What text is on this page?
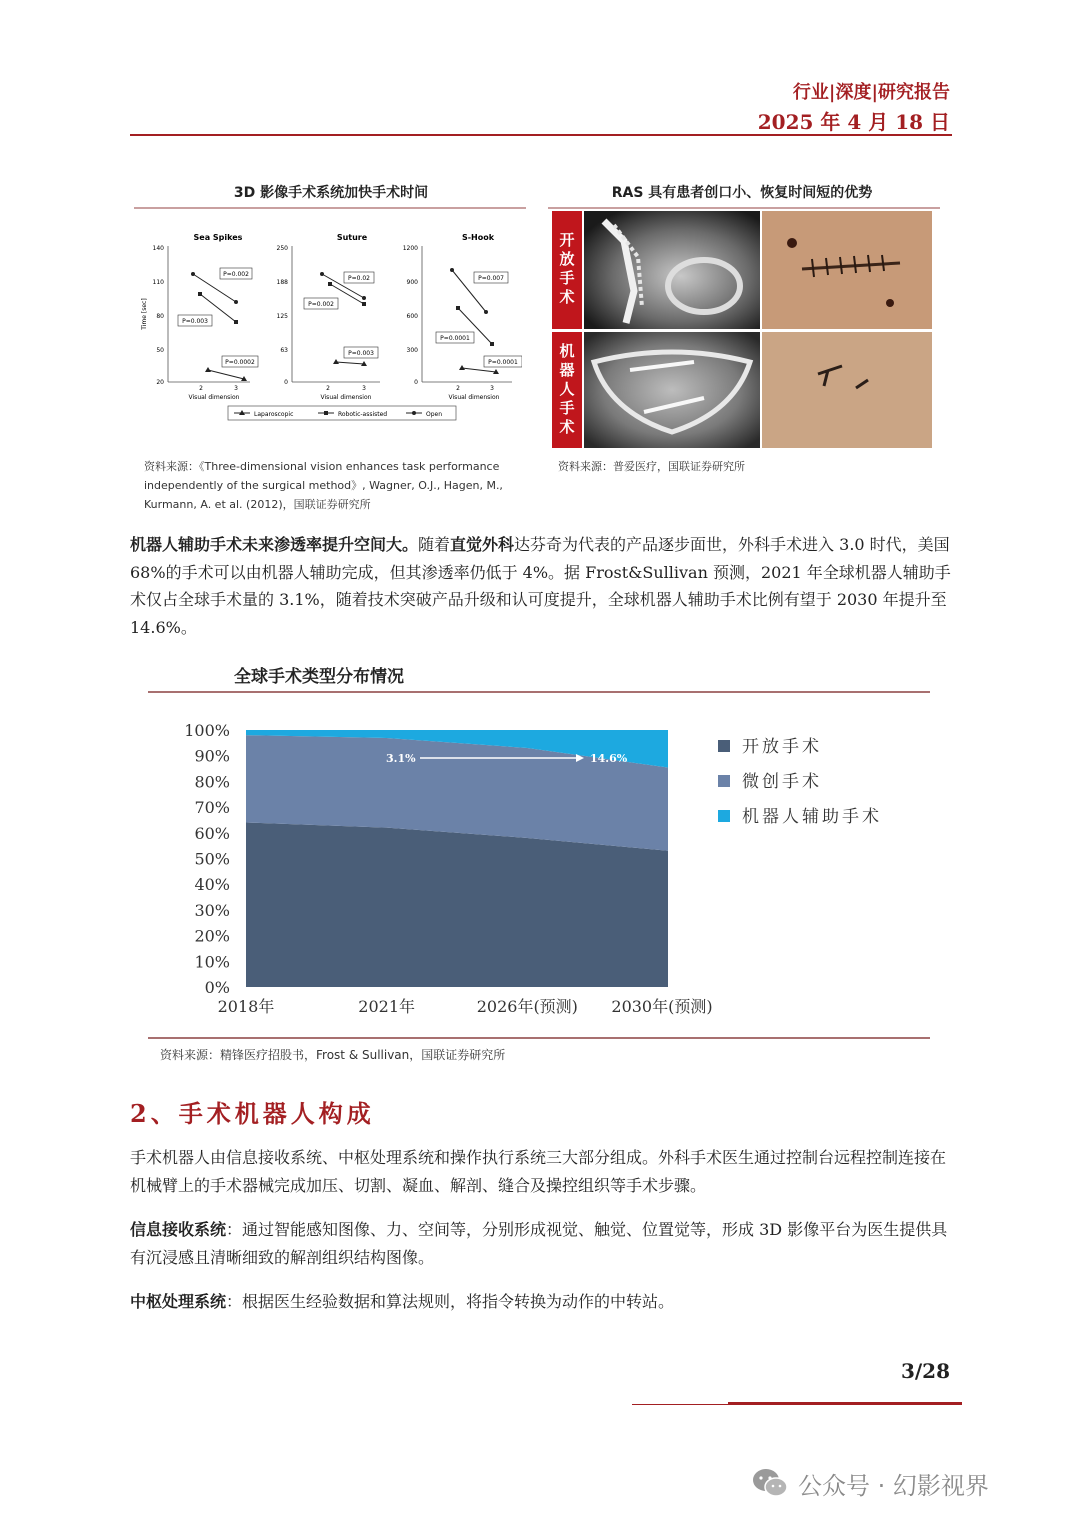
行业|深度|研究报告
2025 年 4 月 18 日
3D 影像手术系统加快手术时间
Sea Spikes
140
110
80
50
20
Time [sec]
P=0.002
P=0.003
P=0.0002
2	3
Visual dimension
Suture
250
188
125
63
0
P=0.02
P=0.002
P=0.003
2	3
Visual dimension
S-Hook
1200
900
600
300
0
P=0.007
P=0.0001
P=0.0001
2	3
Visual dimension
Laparoscopic	Robotic-assisted	Open
资料来源：《Three-dimensional vision enhances task performance
independently of the surgical method》, Wagner, O.J., Hagen, M.,
Kurmann, A. et al. (2012)，国联证券研究所
RAS 具有患者创口小、恢复时间短的优势
开放手术
机器人手术
资料来源：普爱医疗，国联证券研究所
机器人辅助手术未来渗透率提升空间大。随着直觉外科达芬奇为代表的产品逐步面世，外科手术进入 3.0 时代，美国 68%的手术可以由机器人辅助完成，但其渗透率仍低于 4%。据 Frost&Sullivan 预测，2021 年全球机器人辅助手术仅占全球手术量的 3.1%，随着技术突破产品升级和认可度提升，全球机器人辅助手术比例有望于 2030 年提升至 14.6%。
全球手术类型分布情况
100%
90%
80%
70%
60%
50%
40%
30%
20%
10%
0%
2018年	2021年	2026年(预测) 2030年(预测)
3.1%	14.6%
开放手术
微创手术
机器人辅助手术
资料来源：精锋医疗招股书，Frost & Sullivan，国联证券研究所
2、手术机器人构成
手术机器人由信息接收系统、中枢处理系统和操作执行系统三大部分组成。外科手术医生通过控制台远程控制连接在机械臂上的手术器械完成加压、切割、凝血、解剖、缝合及操控组织等手术步骤。
信息接收系统：通过智能感知图像、力、空间等，分别形成视觉、触觉、位置觉等，形成 3D 影像平台为医生提供具有沉浸感且清晰细致的解剖组织结构图像。
中枢处理系统：根据医生经验数据和算法规则，将指令转换为动作的中转站。
3/28
公众号 · 幻影视界
